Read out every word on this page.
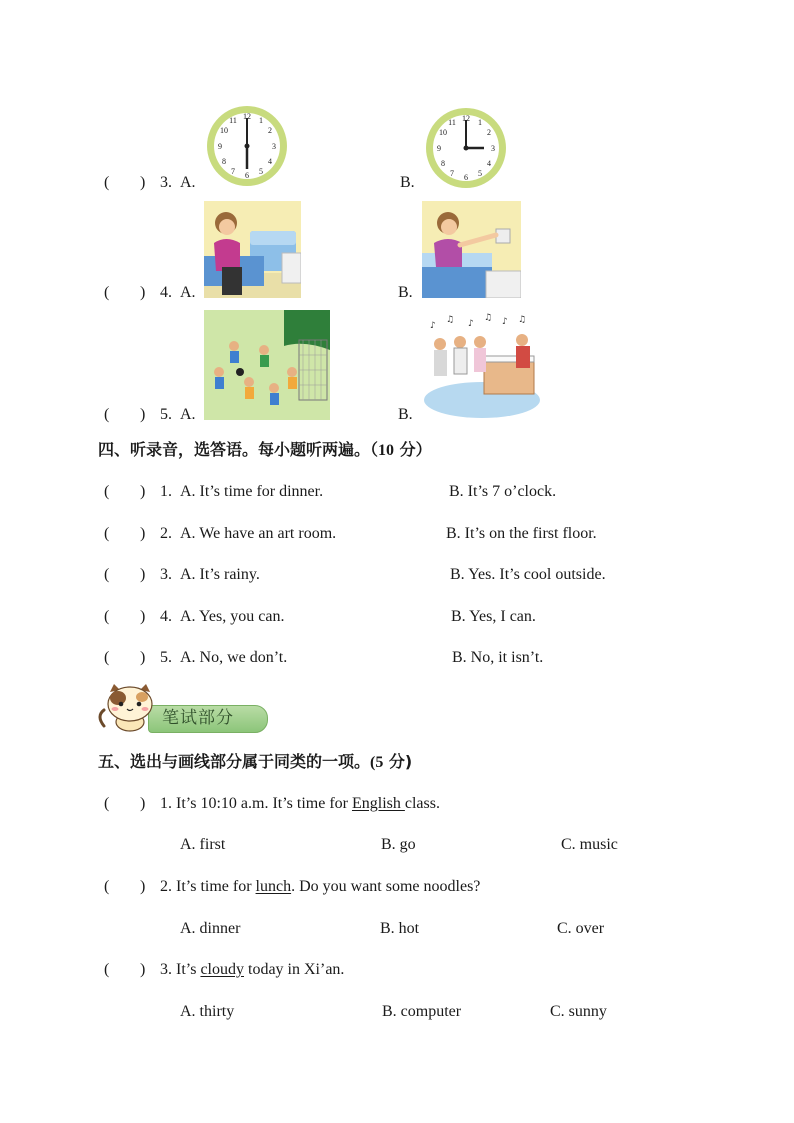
( ) 3. A.
12 1
2
3
4
5
6
7
8
9
10
11
B.
12 1
2
3
4
5
6
7
8
9
10
11
( ) 4. A.	B.
( ) 5. A.	B.
♪
♫ ♪
♫ ♪ ♫
四、听录音，选答语。每小题听两遍。（10 分）
( ) 1. A. It’s time for dinner.	B. It’s 7 o’clock.
( ) 2. A. We have an art room.	B. It’s on the first floor.
( ) 3. A. It’s rainy.	B. Yes. It’s cool outside.
( ) 4. A. Yes, you can.	B. Yes, I can.
( ) 5. A. No, we don’t.	B. No, it isn’t.
笔试部分
五、选出与画线部分属于同类的一项。(5 分)
( ) 1. It’s 10:10 a.m. It’s time for English class.
A. first	B. go	C. music
( ) 2. It’s time for lunch. Do you want some noodles?
A. dinner	B. hot	C. over
( ) 3. It’s cloudy today in Xi’an.
A. thirty	B. computer	C. sunny
